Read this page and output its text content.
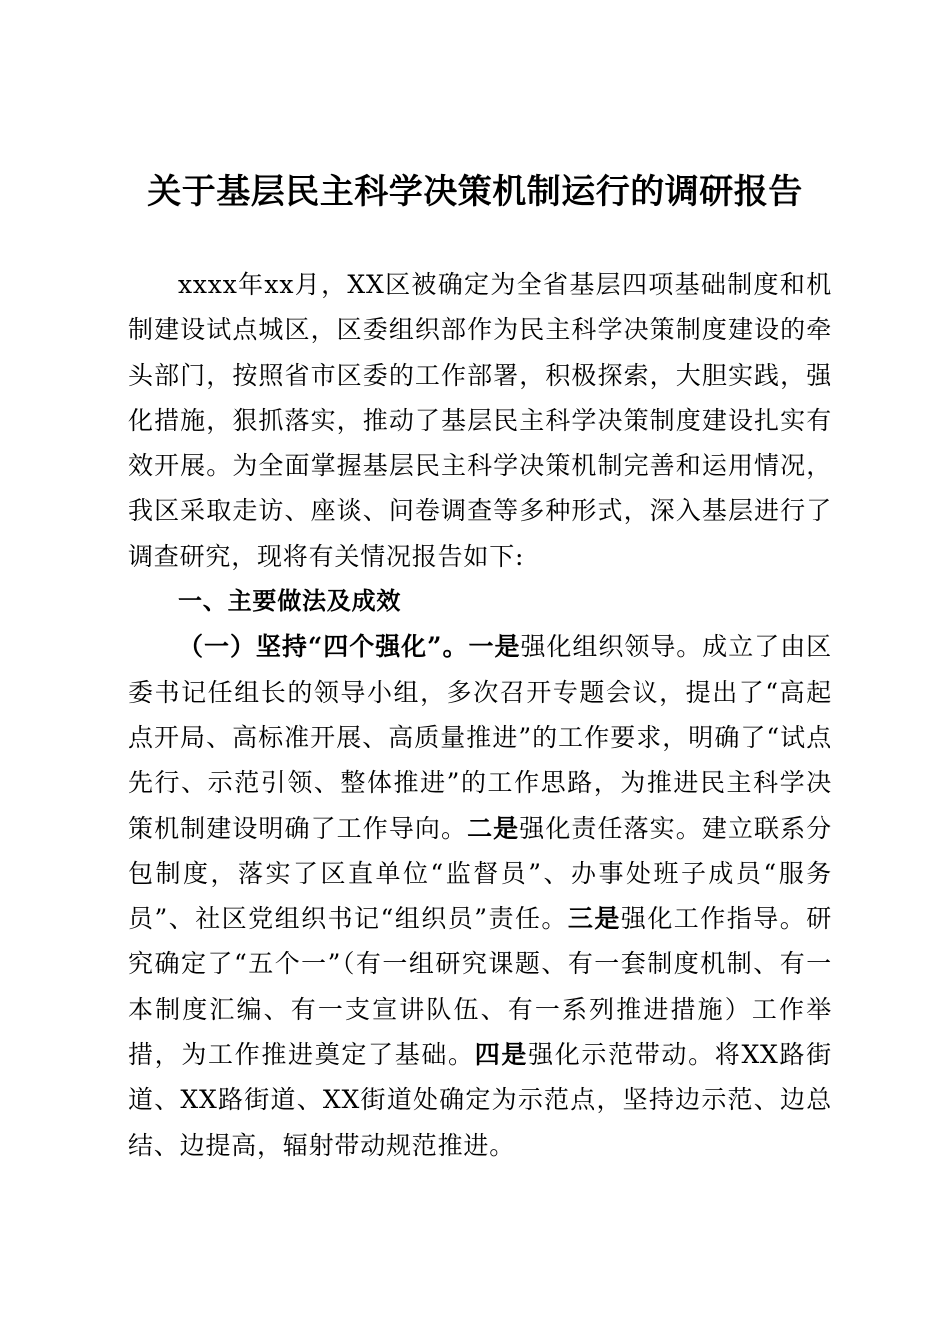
关于基层民主科学决策机制运行的调研报告

xxxx年xx月，XX区被确定为全省基层四项基础制度和机制建设试点城区，区委组织部作为民主科学决策制度建设的牵头部门，按照省市区委的工作部署，积极探索，大胆实践，强化措施，狠抓落实，推动了基层民主科学决策制度建设扎实有效开展。为全面掌握基层民主科学决策机制完善和运用情况，我区采取走访、座谈、问卷调查等多种形式，深入基层进行了调查研究，现将有关情况报告如下:

一、主要做法及成效

（一）坚持“四个强化”。一是强化组织领导。成立了由区委书记任组长的领导小组，多次召开专题会议，提出了“高起点开局、高标准开展、高质量推进”的工作要求，明确了“试点先行、示范引领、整体推进”的工作思路，为推进民主科学决策机制建设明确了工作导向。二是强化责任落实。建立联系分包制度，落实了区直单位“监督员”、办事处班子成员“服务员”、社区党组织书记“组织员”责任。三是强化工作指导。研究确定了“五个一”（有一组研究课题、有一套制度机制、有一本制度汇编、有一支宣讲队伍、有一系列推进措施）工作举措，为工作推进奠定了基础。四是强化示范带动。将XX路街道、XX路街道、XX街道处确定为示范点，坚持边示范、边总结、边提高，辐射带动规范推进。
